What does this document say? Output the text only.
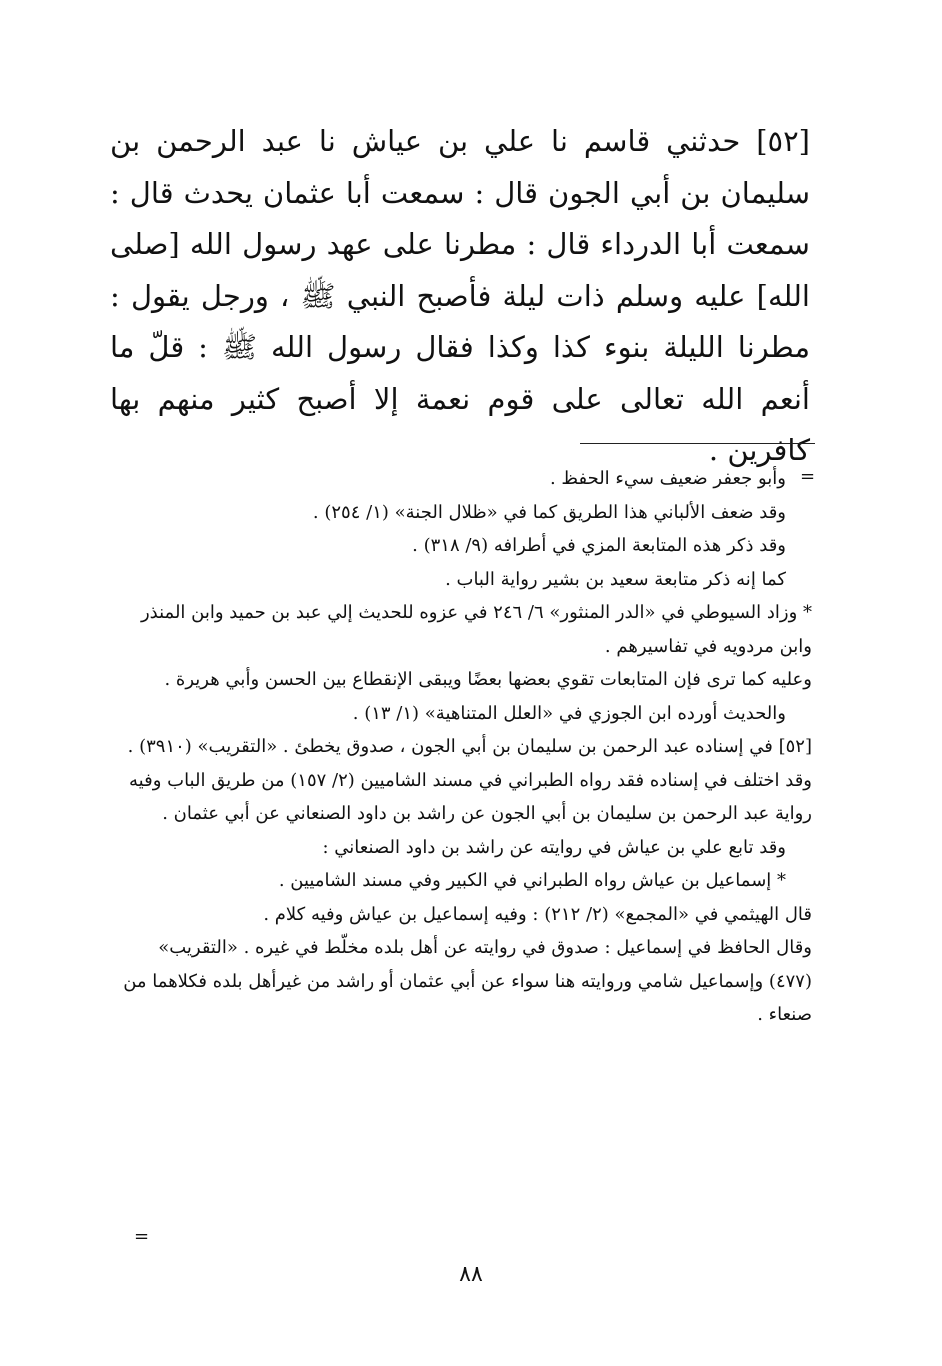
[٥٢] حدثني قاسم نا علي بن عياش نا عبد الرحمن بن سليمان بن أبي الجون قال : سمعت أبا عثمان يحدث قال : سمعت أبا الدرداء قال : مطرنا على عهد رسول الله [صلى الله] عليه وسلم ذات ليلة فأصبح النبي ﷺ ، ورجل يقول : مطرنا الليلة بنوء كذا وكذا فقال رسول الله ﷺ : قلّ ما أنعم الله تعالى على قوم نعمة إلا أصبح كثير منهم بها كافرين .

=

وأبو جعفر ضعيف سيء الحفظ .

وقد ضعف الألباني هذا الطريق كما في «ظلال الجنة» (١/ ٢٥٤) .

وقد ذكر هذه المتابعة المزي في أطرافه (٩/ ٣١٨) .

كما إنه ذكر متابعة سعيد بن بشير رواية الباب .

* وزاد السيوطي في «الدر المنثور» ٦/ ٢٤٦ في عزوه للحديث إلي عبد بن حميد وابن المنذر وابن مردويه في تفاسيرهم .

وعليه كما ترى فإن المتابعات تقوي بعضها بعضًا ويبقى الإنقطاع بين الحسن وأبي هريرة .

والحديث أورده ابن الجوزي في «العلل المتناهية» (١/ ١٣) .

[٥٢] في إسناده عبد الرحمن بن سليمان بن أبي الجون ، صدوق يخطئ . «التقريب» (٣٩١٠) .

وقد اختلف في إسناده فقد رواه الطبراني في مسند الشاميين (٢/ ١٥٧) من طريق الباب وفيه رواية عبد الرحمن بن سليمان بن أبي الجون عن راشد بن داود الصنعاني عن أبي عثمان .

وقد تابع علي بن عياش في روايته عن راشد بن داود الصنعاني :

* إسماعيل بن عياش رواه الطبراني في الكبير وفي مسند الشاميين .

قال الهيثمي في «المجمع» (٢/ ٢١٢) : وفيه إسماعيل بن عياش وفيه كلام .

وقال الحافظ في إسماعيل : صدوق في روايته عن أهل بلده مخلّط في غيره . «التقريب» (٤٧٧) وإسماعيل شامي وروايته هنا سواء عن أبي عثمان أو راشد من غيرأهل بلده فكلاهما من صنعاء .

=
٨٨
